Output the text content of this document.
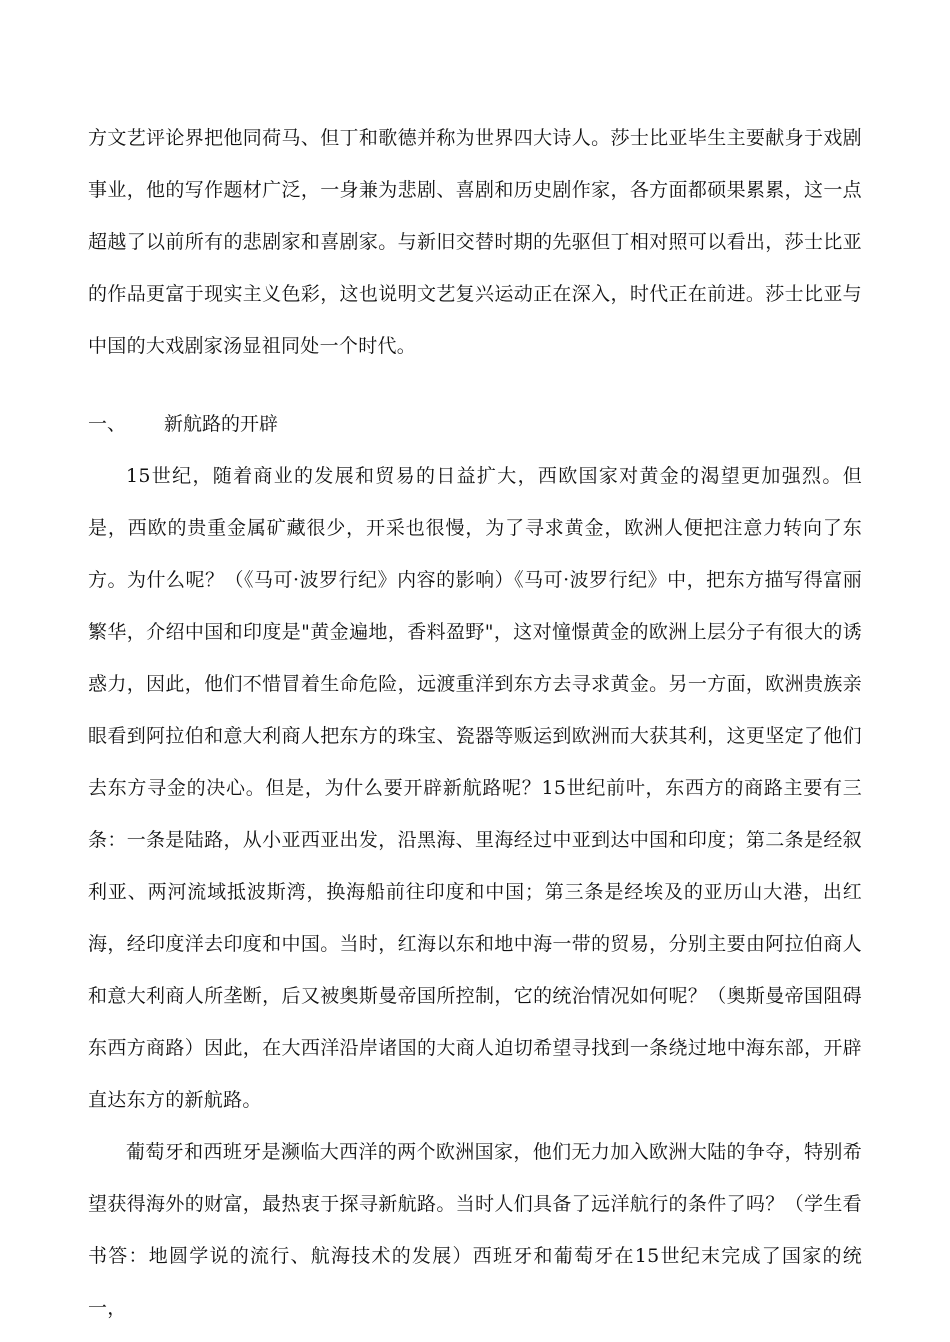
方文艺评论界把他同荷马、但丁和歌德并称为世界四大诗人。莎士比亚毕生主要献身于戏剧事业，他的写作题材广泛，一身兼为悲剧、喜剧和历史剧作家，各方面都硕果累累，这一点超越了以前所有的悲剧家和喜剧家。与新旧交替时期的先驱但丁相对照可以看出，莎士比亚的作品更富于现实主义色彩，这也说明文艺复兴运动正在深入，时代正在前进。莎士比亚与中国的大戏剧家汤显祖同处一个时代。

一、	新航路的开辟

15世纪，随着商业的发展和贸易的日益扩大，西欧国家对黄金的渴望更加强烈。但是，西欧的贵重金属矿藏很少，开采也很慢，为了寻求黄金，欧洲人便把注意力转向了东方。为什么呢？（《马可·波罗行纪》内容的影响）《马可·波罗行纪》中，把东方描写得富丽繁华，介绍中国和印度是"黄金遍地，香料盈野"，这对憧憬黄金的欧洲上层分子有很大的诱惑力，因此，他们不惜冒着生命危险，远渡重洋到东方去寻求黄金。另一方面，欧洲贵族亲眼看到阿拉伯和意大利商人把东方的珠宝、瓷器等贩运到欧洲而大获其利，这更坚定了他们去东方寻金的决心。但是，为什么要开辟新航路呢？15世纪前叶，东西方的商路主要有三条：一条是陆路，从小亚西亚出发，沿黑海、里海经过中亚到达中国和印度；第二条是经叙利亚、两河流域抵波斯湾，换海船前往印度和中国；第三条是经埃及的亚历山大港，出红海，经印度洋去印度和中国。当时，红海以东和地中海一带的贸易，分别主要由阿拉伯商人和意大利商人所垄断，后又被奥斯曼帝国所控制，它的统治情况如何呢？（奥斯曼帝国阻碍东西方商路）因此，在大西洋沿岸诸国的大商人迫切希望寻找到一条绕过地中海东部，开辟直达东方的新航路。

葡萄牙和西班牙是濒临大西洋的两个欧洲国家，他们无力加入欧洲大陆的争夺，特别希望获得海外的财富，最热衷于探寻新航路。当时人们具备了远洋航行的条件了吗？（学生看书答：地圆学说的流行、航海技术的发展）西班牙和葡萄牙在15世纪末完成了国家的统一，
